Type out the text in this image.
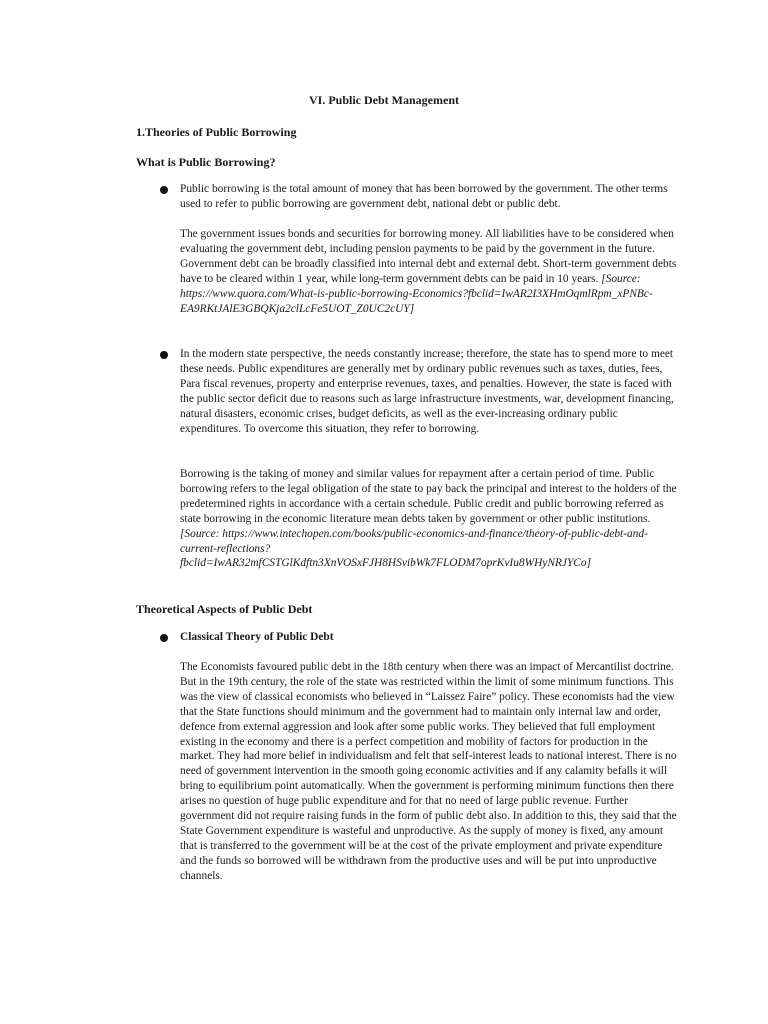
VI. Public Debt Management
1.Theories of Public Borrowing
What is Public Borrowing?

Public borrowing is the total amount of money that has been borrowed by the government. The other terms used to refer to public borrowing are government debt, national debt or public debt.

The government issues bonds and securities for borrowing money. All liabilities have to be considered when evaluating the government debt, including pension payments to be paid by the government in the future. Government debt can be broadly classified into internal debt and external debt. Short-term government debts have to be cleared within 1 year, while long-term government debts can be paid in 10 years. [Source: https://www.quora.com/What-is-public-borrowing-Economics?fbclid=IwAR2I3XHmOqmlRpm_xPNBc-EA9RKtJAlE3GBQKja2clLcFe5UOT_Z0UC2cUY]

In the modern state perspective, the needs constantly increase; therefore, the state has to spend more to meet these needs. Public expenditures are generally met by ordinary public revenues such as taxes, duties, fees, Para fiscal revenues, property and enterprise revenues, taxes, and penalties. However, the state is faced with the public sector deficit due to reasons such as large infrastructure investments, war, development financing, natural disasters, economic crises, budget deficits, as well as the ever-increasing ordinary public expenditures. To overcome this situation, they refer to borrowing.

Borrowing is the taking of money and similar values for repayment after a certain period of time. Public borrowing refers to the legal obligation of the state to pay back the principal and interest to the holders of the predetermined rights in accordance with a certain schedule. Public credit and public borrowing referred as state borrowing in the economic literature mean debts taken by government or other public institutions. [Source: https://www.intechopen.com/books/public-economics-and-finance/theory-of-public-debt-and-current-reflections?fbclid=IwAR32mfCSTGlKdftn3XnVOSxFJH8HSvibWk7FLODM7oprKvIu8WHyNRJYCo]

Theoretical Aspects of Public Debt

Classical Theory of Public Debt

The Economists favoured public debt in the 18th century when there was an impact of Mercantilist doctrine. But in the 19th century, the role of the state was restricted within the limit of some minimum functions. This was the view of classical economists who believed in “Laissez Faire” policy. These economists had the view that the State functions should minimum and the government had to maintain only internal law and order, defence from external aggression and look after some public works. They believed that full employment existing in the economy and there is a perfect competition and mobility of factors for production in the market. They had more belief in individualism and felt that self-interest leads to national interest. There is no need of government intervention in the smooth going economic activities and if any calamity befalls it will bring to equilibrium point automatically. When the government is performing minimum functions then there arises no question of huge public expenditure and for that no need of large public revenue. Further government did not require raising funds in the form of public debt also. In addition to this, they said that the State Government expenditure is wasteful and unproductive. As the supply of money is fixed, any amount that is transferred to the government will be at the cost of the private employment and private expenditure and the funds so borrowed will be withdrawn from the productive uses and will be put into unproductive channels.
